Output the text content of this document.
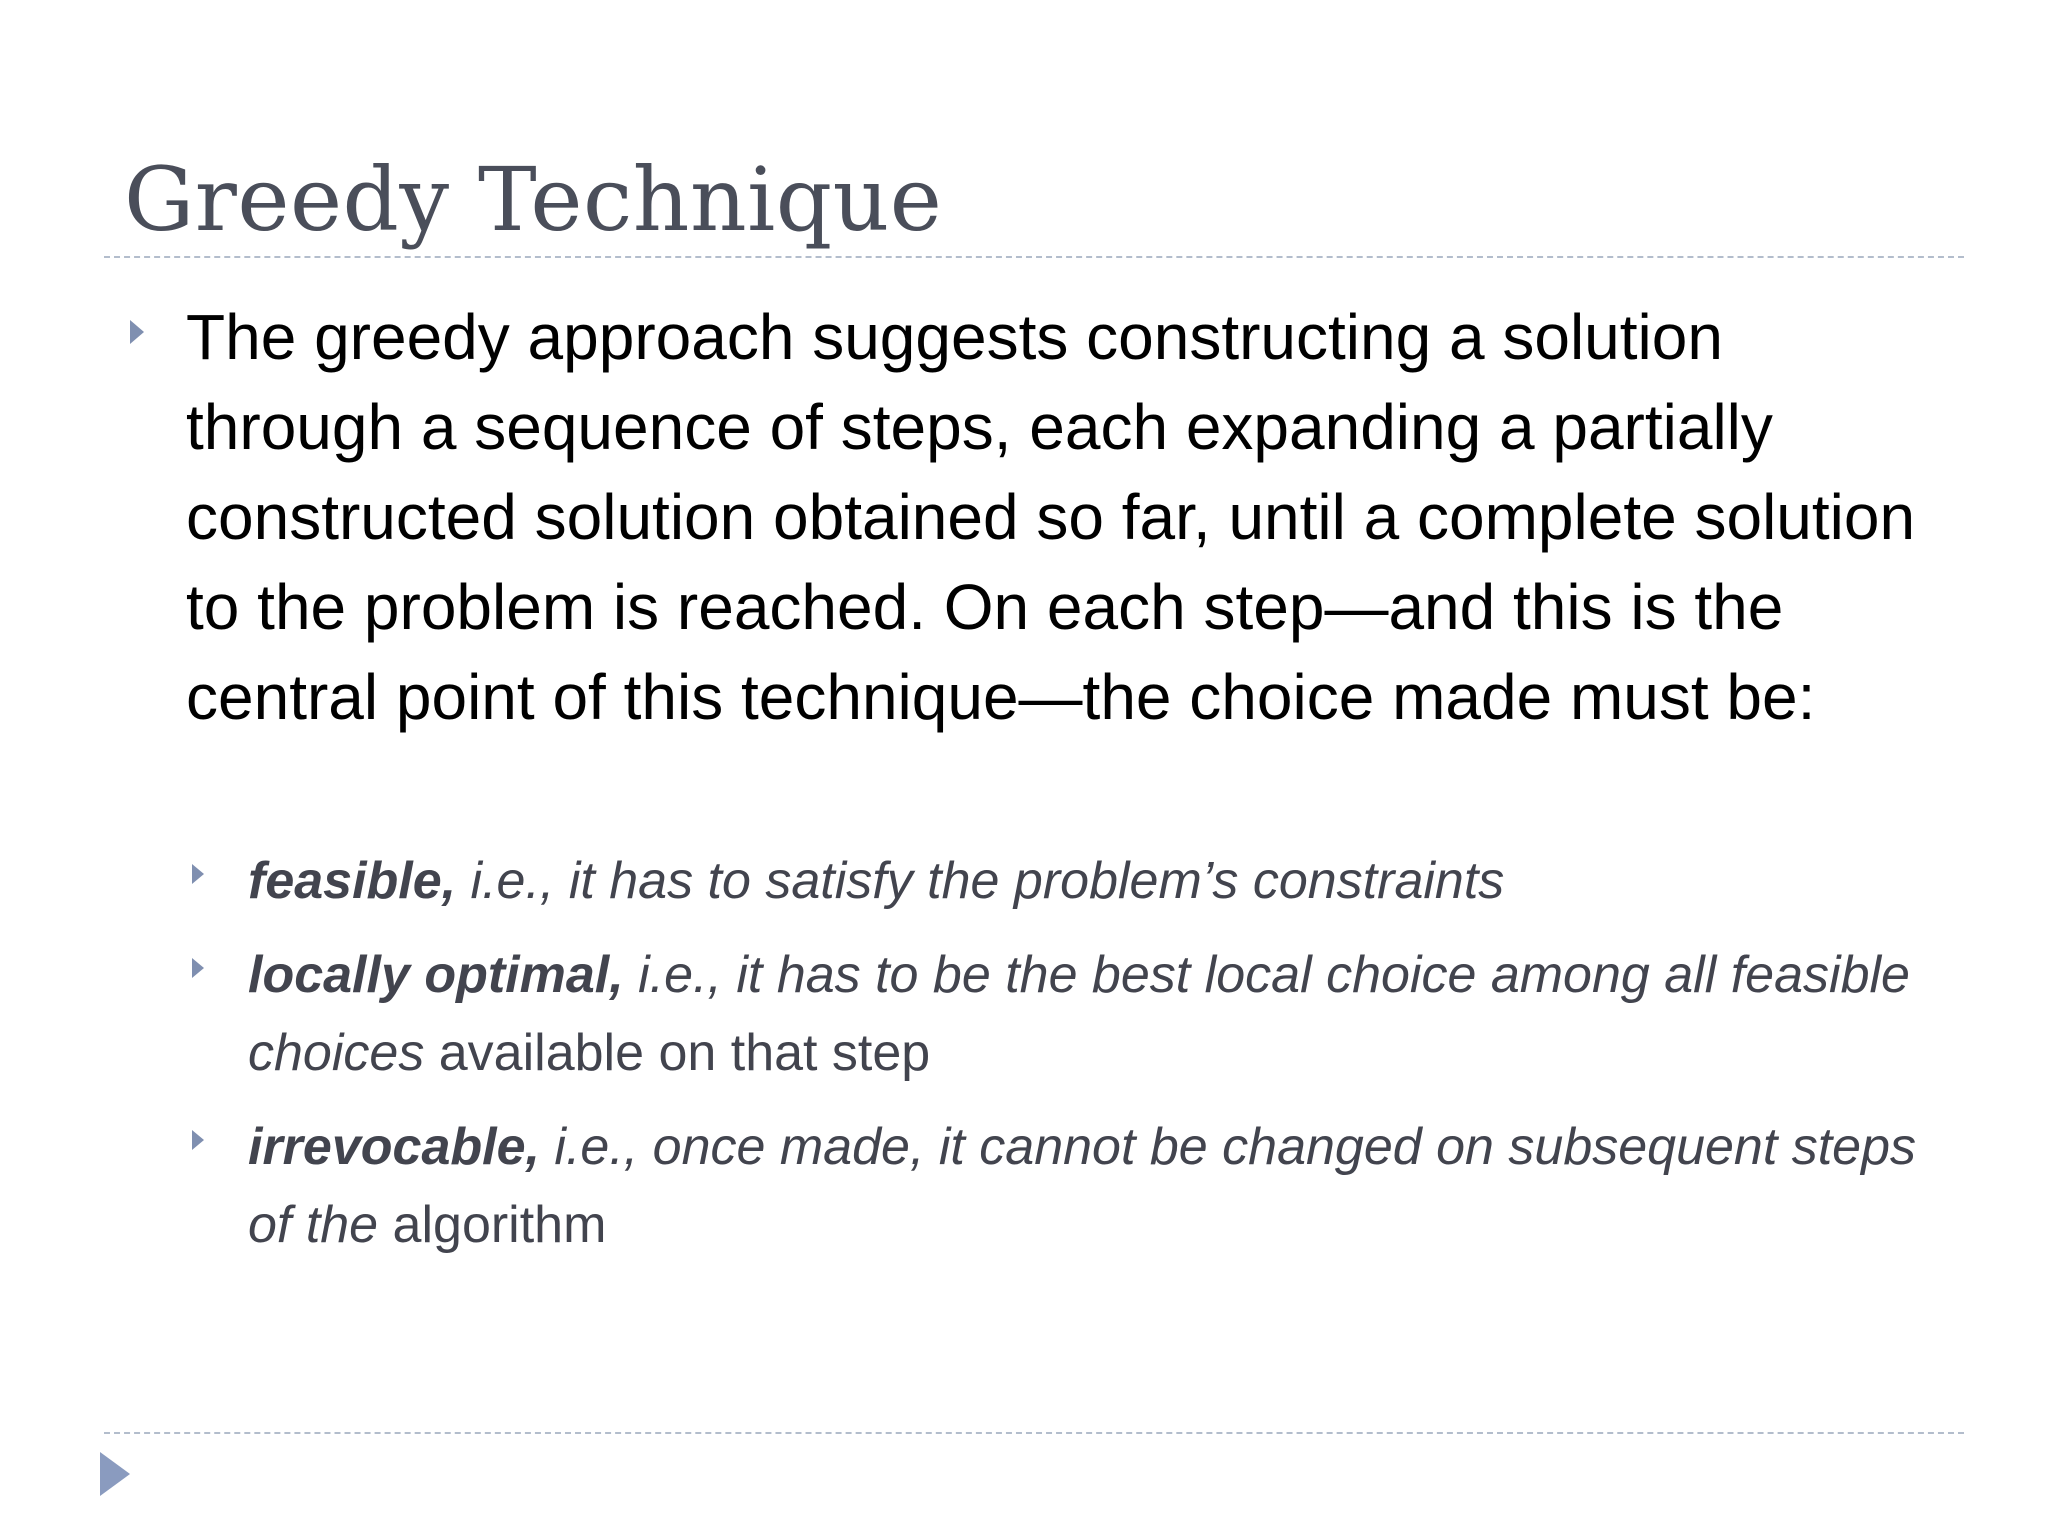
Greedy Technique

The greedy approach suggests constructing a solution through a sequence of steps, each expanding a partially constructed solution obtained so far, until a complete solution to the problem is reached. On each step—and this is the central point of this technique—the choice made must be:

feasible, i.e., it has to satisfy the problem’s constraints

locally optimal, i.e., it has to be the best local choice among all feasible choices available on that step

irrevocable, i.e., once made, it cannot be changed on subsequent steps of the algorithm
